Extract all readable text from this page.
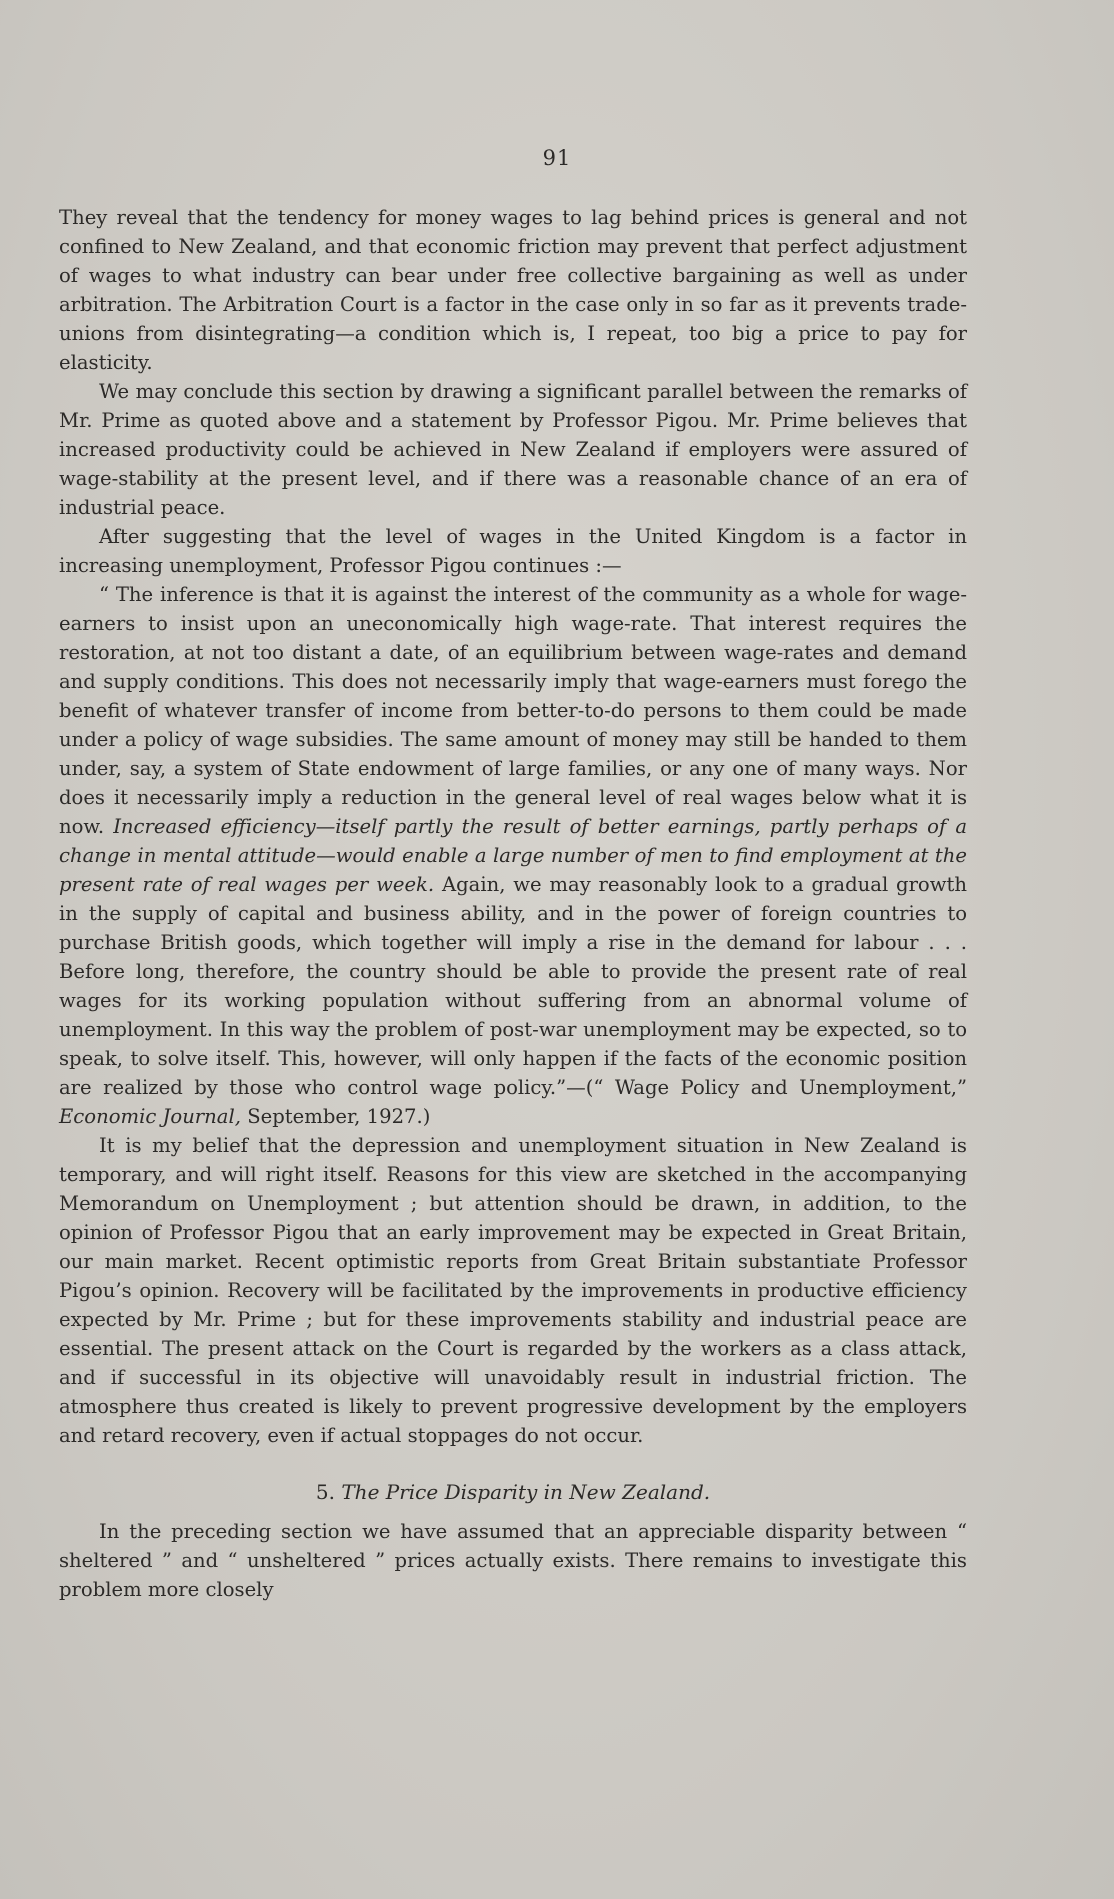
91

They reveal that the tendency for money wages to lag behind prices is general and not confined to New Zealand, and that economic friction may prevent that perfect adjustment of wages to what industry can bear under free collective bargaining as well as under arbitration. The Arbitration Court is a factor in the case only in so far as it prevents trade-unions from disintegrating—a condition which is, I repeat, too big a price to pay for elasticity.

We may conclude this section by drawing a significant parallel between the remarks of Mr. Prime as quoted above and a statement by Professor Pigou. Mr. Prime believes that increased productivity could be achieved in New Zealand if employers were assured of wage-stability at the present level, and if there was a reasonable chance of an era of industrial peace.

After suggesting that the level of wages in the United Kingdom is a factor in increasing unemployment, Professor Pigou continues :—

“ The inference is that it is against the interest of the community as a whole for wage-earners to insist upon an uneconomically high wage-rate. That interest requires the restoration, at not too distant a date, of an equilibrium between wage-rates and demand and supply conditions. This does not necessarily imply that wage-earners must forego the benefit of whatever transfer of income from better-to-do persons to them could be made under a policy of wage subsidies. The same amount of money may still be handed to them under, say, a system of State endowment of large families, or any one of many ways. Nor does it necessarily imply a reduction in the general level of real wages below what it is now. Increased efficiency—itself partly the result of better earnings, partly perhaps of a change in mental attitude—would enable a large number of men to find employment at the present rate of real wages per week. Again, we may reasonably look to a gradual growth in the supply of capital and business ability, and in the power of foreign countries to purchase British goods, which together will imply a rise in the demand for labour . . . Before long, therefore, the country should be able to provide the present rate of real wages for its working population without suffering from an abnormal volume of unemployment. In this way the problem of post-war unemployment may be expected, so to speak, to solve itself. This, however, will only happen if the facts of the economic position are realized by those who control wage policy.”—(“ Wage Policy and Unemployment,” Economic Journal, September, 1927.)

It is my belief that the depression and unemployment situation in New Zealand is temporary, and will right itself. Reasons for this view are sketched in the accompanying Memorandum on Unemployment ; but attention should be drawn, in addition, to the opinion of Professor Pigou that an early improvement may be expected in Great Britain, our main market. Recent optimistic reports from Great Britain substantiate Professor Pigou’s opinion. Recovery will be facilitated by the improvements in productive efficiency expected by Mr. Prime ; but for these improvements stability and industrial peace are essential. The present attack on the Court is regarded by the workers as a class attack, and if successful in its objective will unavoidably result in industrial friction. The atmosphere thus created is likely to prevent progressive development by the employers and retard recovery, even if actual stoppages do not occur.

5. The Price Disparity in New Zealand.

In the preceding section we have assumed that an appreciable disparity between “ sheltered ” and “ unsheltered ” prices actually exists. There remains to investigate this problem more closely
